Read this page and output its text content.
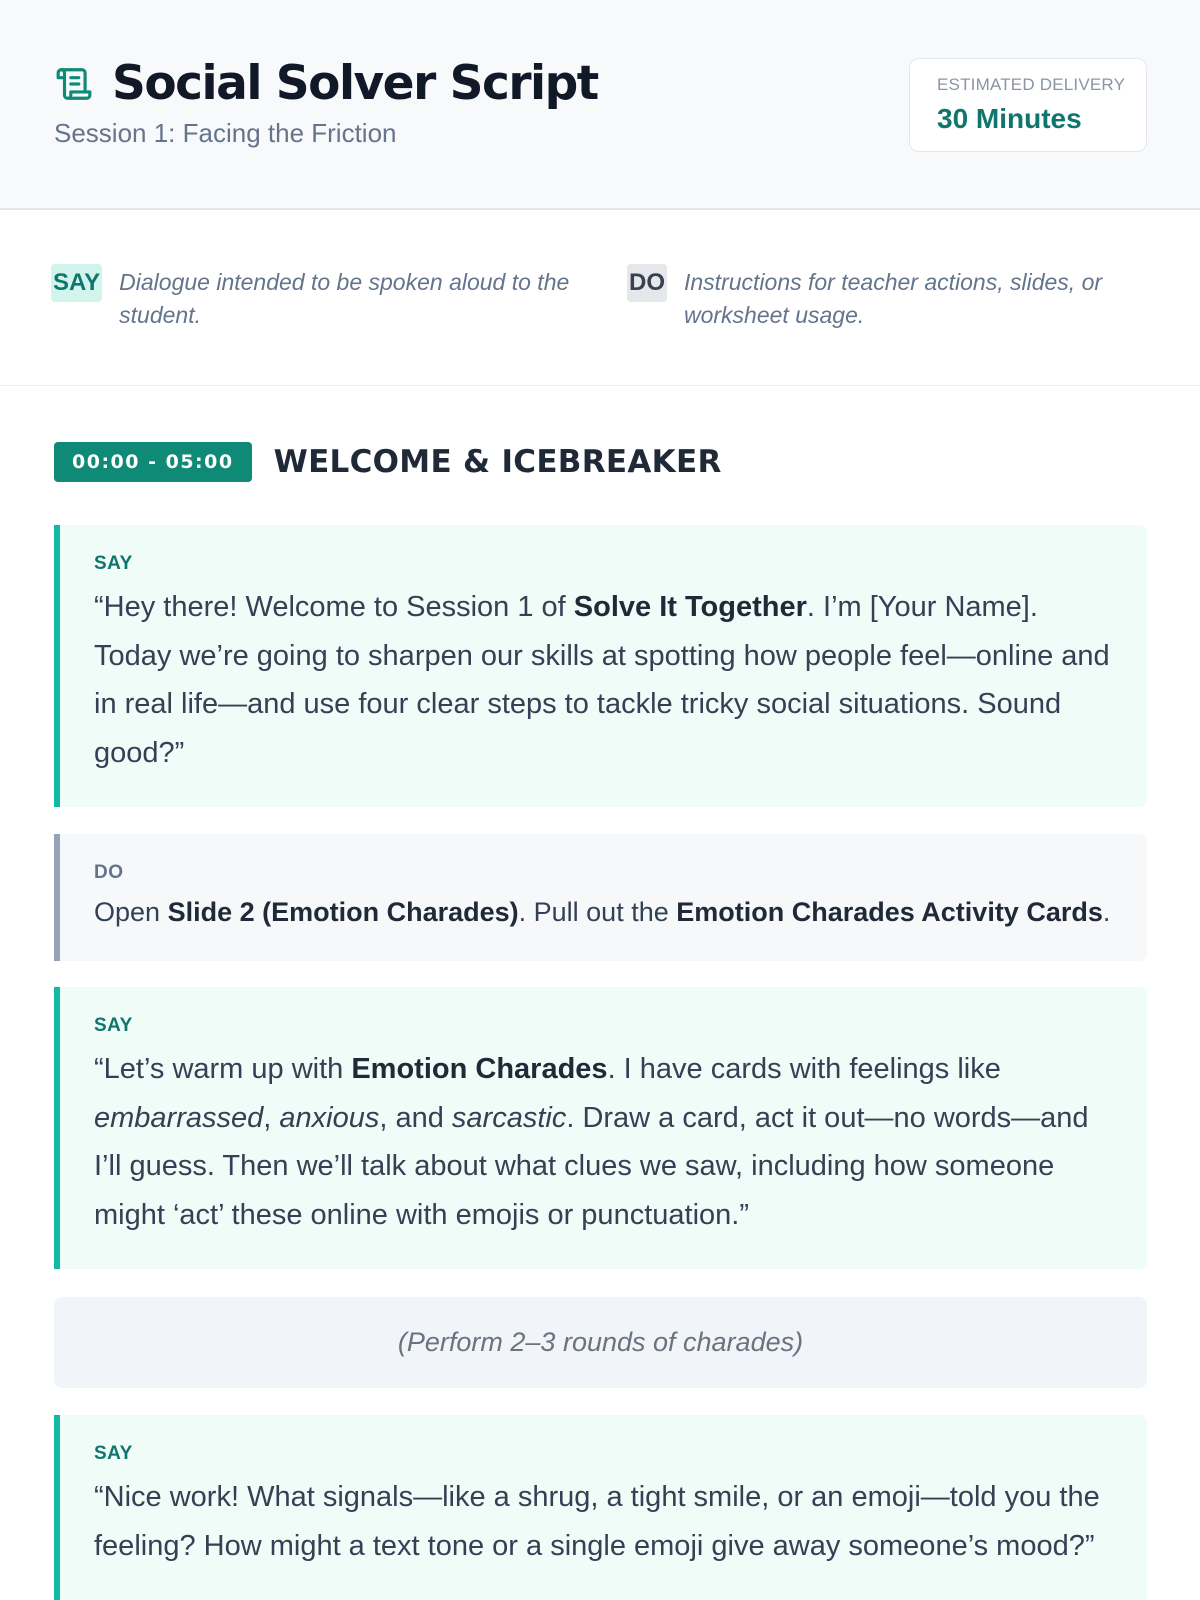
Social Solver Script
Session 1: Facing the Friction
ESTIMATED DELIVERY
30 Minutes
SAY Dialogue intended to be spoken aloud to the student.
DO Instructions for teacher actions, slides, or worksheet usage.
00:00 - 05:00	WELCOME & ICEBREAKER
SAY

“Hey there! Welcome to Session 1 of Solve It Together. I’m [Your Name]. Today we’re going to sharpen our skills at spotting how people feel—online and in real life—and use four clear steps to tackle tricky social situations. Sound good?”

DO

Open Slide 2 (Emotion Charades). Pull out the Emotion Charades Activity Cards.

SAY

“Let’s warm up with Emotion Charades. I have cards with feelings like embarrassed, anxious, and sarcastic. Draw a card, act it out—no words—and I’ll guess. Then we’ll talk about what clues we saw, including how someone might ‘act’ these online with emojis or punctuation.”

(Perform 2–3 rounds of charades)
SAY

“Nice work! What signals—like a shrug, a tight smile, or an emoji—told you the feeling? How might a text tone or a single emoji give away someone’s mood?”
